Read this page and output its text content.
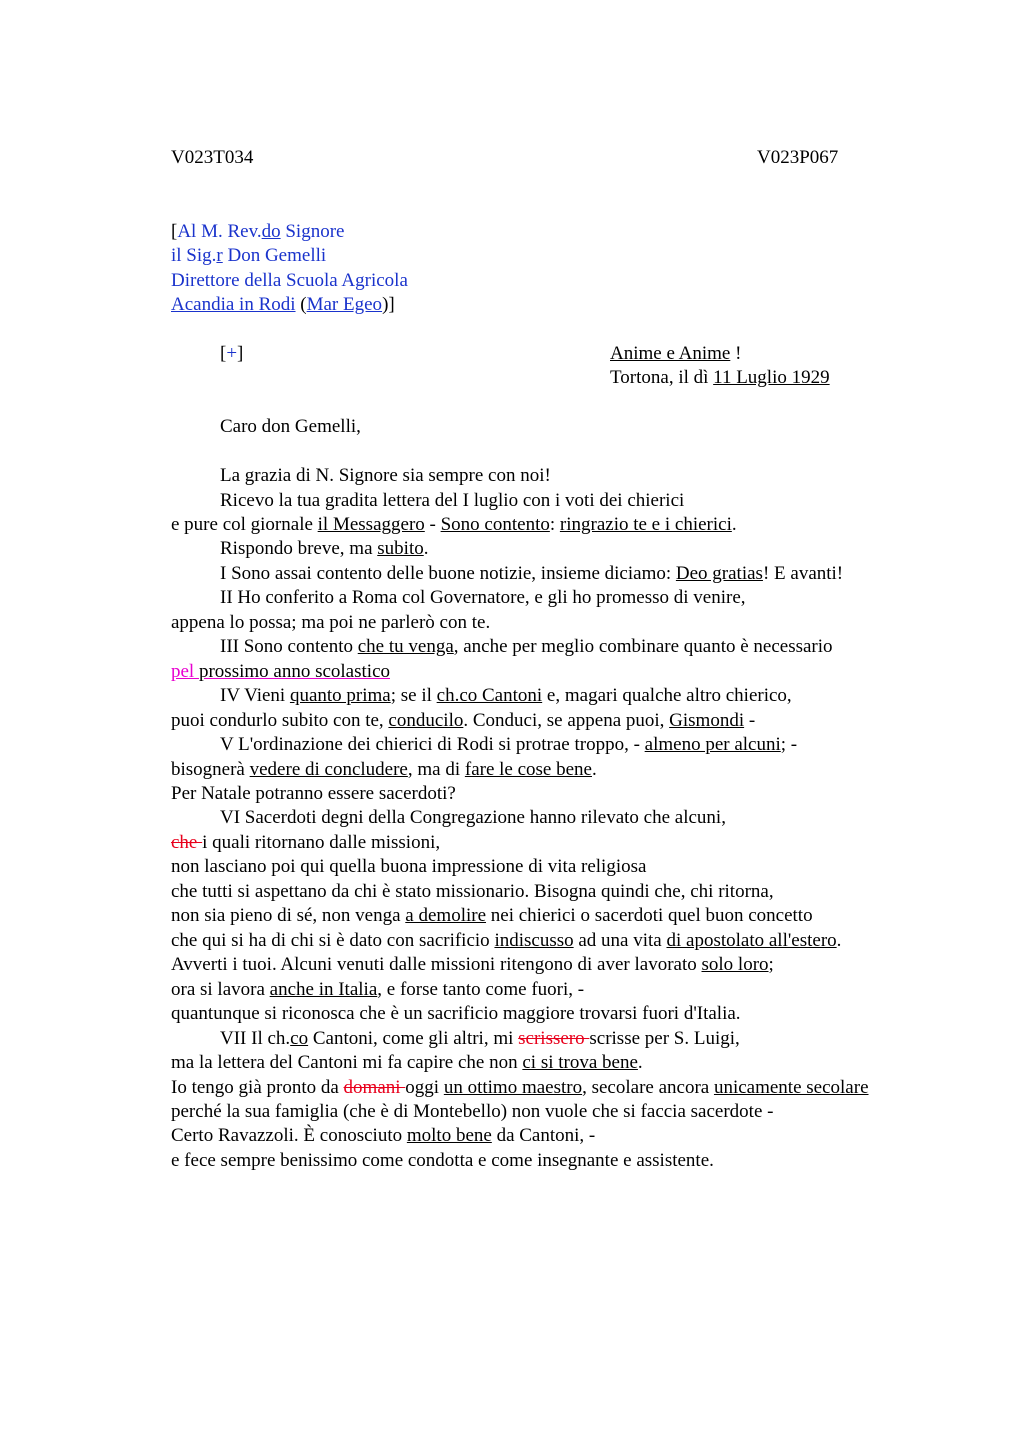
V023T034	V023P067
[Al M. Rev.do Signore
il Sig.r Don Gemelli
Direttore della Scuola Agricola
Acandia in Rodi (Mar Egeo)]
[+]	Anime e Anime !
Tortona, il dì 11 Luglio 1929
Caro don Gemelli,
La grazia di N. Signore sia sempre con noi!
Ricevo la tua gradita lettera del I luglio con i voti dei chierici
e pure col giornale il Messaggero - Sono contento: ringrazio te e i chierici.
Rispondo breve, ma subito.
I Sono assai contento delle buone notizie, insieme diciamo: Deo gratias! E avanti!
II Ho conferito a Roma col Governatore, e gli ho promesso di venire,
appena lo possa; ma poi ne parlerò con te.
III Sono contento che tu venga, anche per meglio combinare quanto è necessario
pel prossimo anno scolastico
IV Vieni quanto prima; se il ch.co Cantoni e, magari qualche altro chierico,
puoi condurlo subito con te, conducilo. Conduci, se appena puoi, Gismondi -
V L'ordinazione dei chierici di Rodi si protrae troppo, - almeno per alcuni; -
bisognerà vedere di concludere, ma di fare le cose bene.
Per Natale potranno essere sacerdoti?
VI Sacerdoti degni della Congregazione hanno rilevato che alcuni,
che i quali ritornano dalle missioni,
non lasciano poi qui quella buona impressione di vita religiosa
che tutti si aspettano da chi è stato missionario. Bisogna quindi che, chi ritorna,
non sia pieno di sé, non venga a demolire nei chierici o sacerdoti quel buon concetto
che qui si ha di chi si è dato con sacrificio indiscusso ad una vita di apostolato all'estero.
Avverti i tuoi. Alcuni venuti dalle missioni ritengono di aver lavorato solo loro;
ora si lavora anche in Italia, e forse tanto come fuori, -
quantunque si riconosca che è un sacrificio maggiore trovarsi fuori d'Italia.
VII Il ch.co Cantoni, come gli altri, mi scrissero scrisse per S. Luigi,
ma la lettera del Cantoni mi fa capire che non ci si trova bene.
Io tengo già pronto da domani oggi un ottimo maestro, secolare ancora unicamente secolare
perché la sua famiglia (che è di Montebello) non vuole che si faccia sacerdote -
Certo Ravazzoli. È conosciuto molto bene da Cantoni, -
e fece sempre benissimo come condotta e come insegnante e assistente.
